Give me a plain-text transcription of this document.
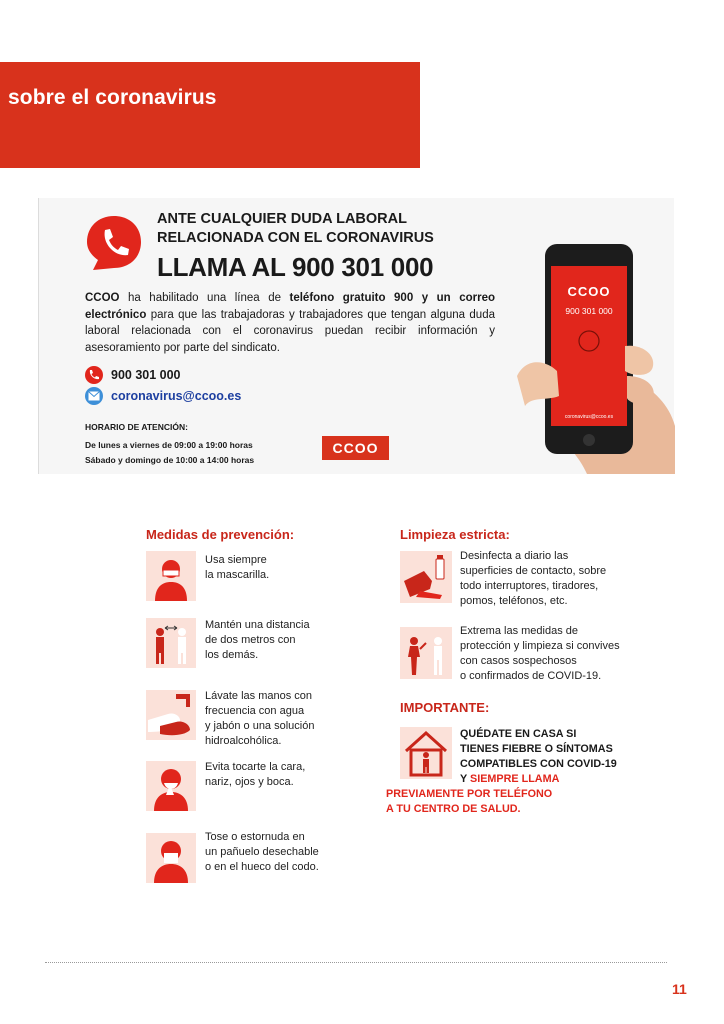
sobre el coronavirus
ANTE CUALQUIER DUDA LABORAL
RELACIONADA CON EL CORONAVIRUS
LLAMA AL 900 301 000
CCOO ha habilitado una línea de teléfono gratuito 900 y un correo electrónico para que las trabajadoras y trabajadores que tengan alguna duda laboral relacionada con el coronavirus puedan recibir información y asesoramiento por parte del sindicato.
900 301 000
coronavirus@ccoo.es
HORARIO DE ATENCIÓN:
De lunes a viernes de 09:00 a 19:00 horas
Sábado y domingo de 10:00 a 14:00 horas
CCOO
CCOO
900 301 000
coronavirus@ccoo.es
Medidas de prevención:
Usa siempre
la mascarilla.
Mantén una distancia
de dos metros con
los demás.
Lávate las manos con
frecuencia con agua
y jabón o una solución
hidroalcohólica.
Evita tocarte la cara,
nariz, ojos y boca.
Tose o estornuda en
un pañuelo desechable
o en el hueco del codo.
Limpieza estricta:
Desinfecta a diario las
superficies de contacto, sobre
todo interruptores, tiradores,
pomos, teléfonos, etc.
Extrema las medidas de
protección y limpieza si convives
con casos sospechosos
o confirmados de COVID-19.
IMPORTANTE:
QUÉDATE EN CASA SI
TIENES FIEBRE O SÍNTOMAS
COMPATIBLES CON COVID-19
Y SIEMPRE LLAMA
PREVIAMENTE POR TELÉFONO
A TU CENTRO DE SALUD.
11
